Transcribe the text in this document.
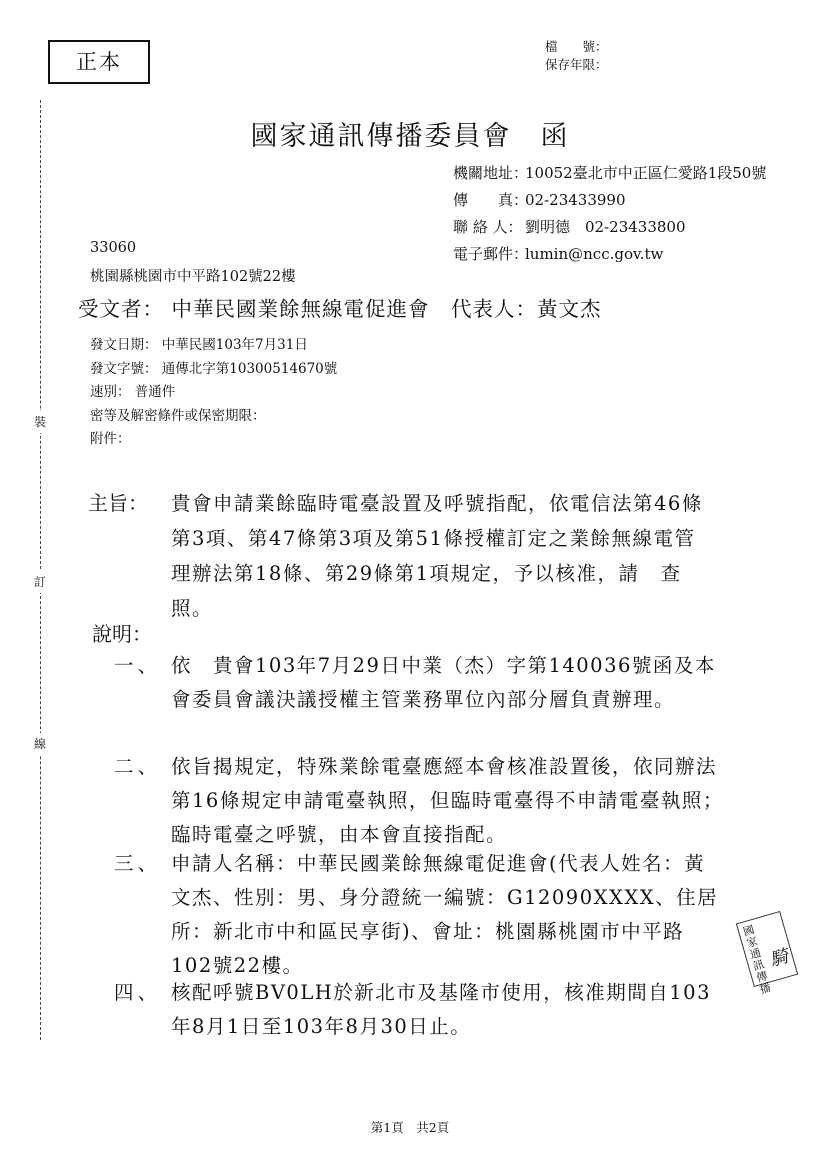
正本
檔　　號：
保存年限：
國家通訊傳播委員會　函
機關地址：10052臺北市中正區仁愛路1段50號
傳　　真：02-23433990
聯 絡 人： 劉明德　02-23433800
電子郵件：lumin@ncc.gov.tw
33060
桃園縣桃園市中平路102號22樓
受文者： 中華民國業餘無線電促進會　代表人：黃文杰
發文日期： 中華民國103年7月31日
發文字號： 通傳北字第10300514670號
速別： 普通件
密等及解密條件或保密期限：
附件：
裝
訂
線
主旨： 貴會申請業餘臨時電臺設置及呼號指配，依電信法第46條第3項、第47條第3項及第51條授權訂定之業餘無線電管理辦法第18條、第29條第1項規定，予以核准，請　查照。
說明：
一、 依　貴會103年7月29日中業（杰）字第140036號函及本會委員會議決議授權主管業務單位內部分層負責辦理。
二、 依旨揭規定，特殊業餘電臺應經本會核准設置後，依同辦法第16條規定申請電臺執照，但臨時電臺得不申請電臺執照；臨時電臺之呼號，由本會直接指配。
三、 申請人名稱：中華民國業餘無線電促進會(代表人姓名：黃文杰、性別：男、身分證統一編號：G12090XXXX、住居所：新北市中和區民享街)、會址：桃園縣桃園市中平路102號22樓。
四、 核配呼號BV0LH於新北市及基隆市使用，核准期間自103年8月1日至103年8月30日止。
國家通訊傳播
騎
第1頁　共2頁
